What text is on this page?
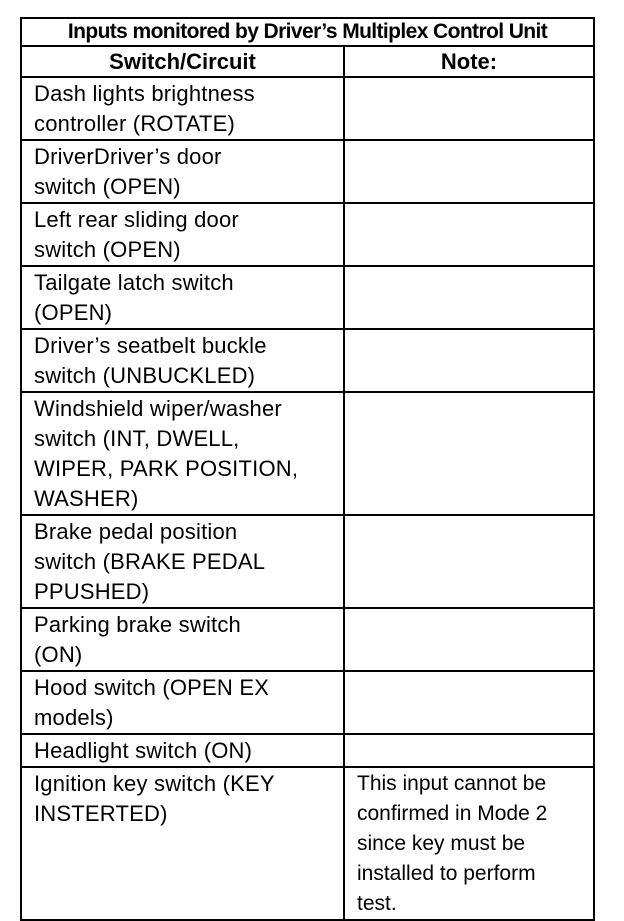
Inputs monitored by Driver’s Multiplex Control Unit	
Switch/Circuit	Note:

Dash lights brightness
controller (ROTATE)	

DriverDriver’s door
switch (OPEN)	

Left rear sliding door
switch (OPEN)	

Tailgate latch switch
(OPEN)	

Driver’s seatbelt buckle
switch (UNBUCKLED)	

Windshield wiper/washer
switch (INT, DWELL,
WIPER, PARK POSITION,
WASHER)	

Brake pedal position
switch (BRAKE PEDAL
PPUSHED)	

Parking brake switch
(ON)	

Hood switch (OPEN EX
models)	

Headlight switch (ON)	

Ignition key switch (KEY
INSTERTED)	This input cannot be
confirmed in Mode 2
since key must be
installed to perform
test.
